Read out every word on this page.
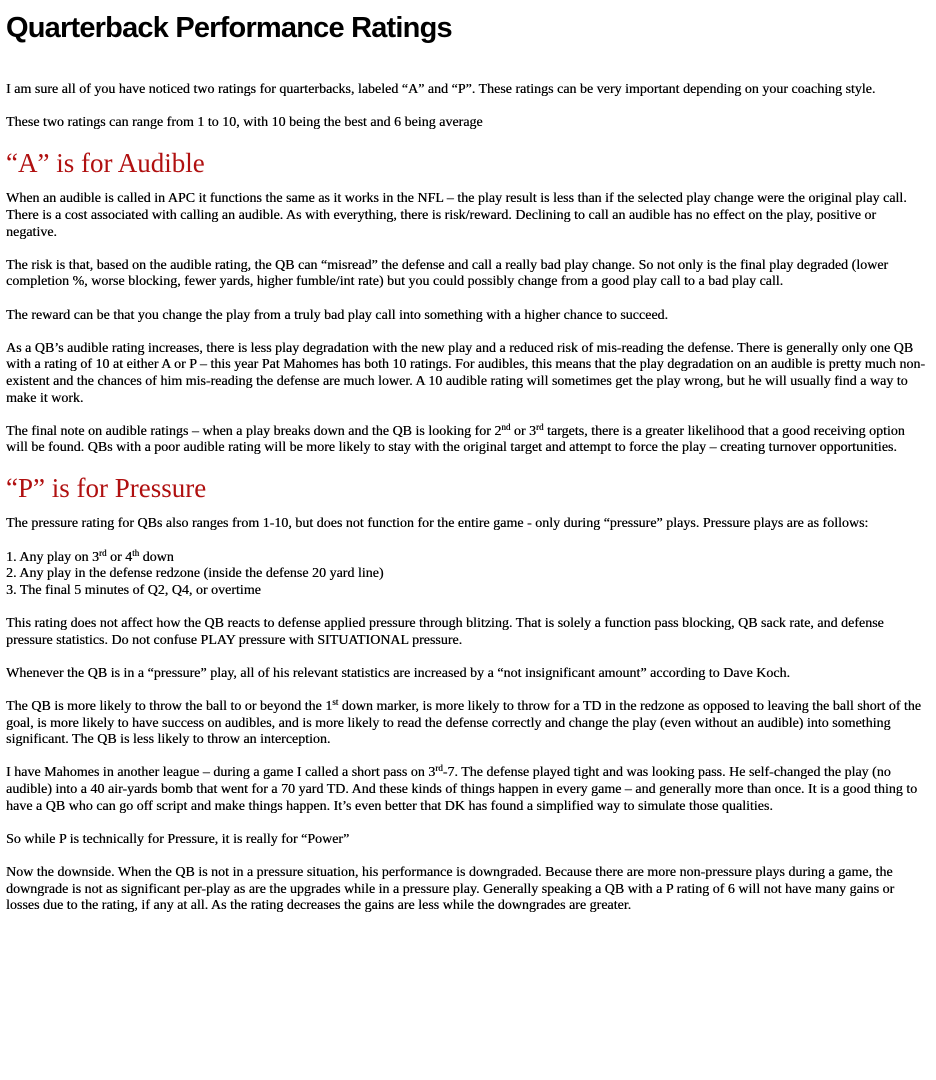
Quarterback Performance Ratings

I am sure all of you have noticed two ratings for quarterbacks, labeled “A” and “P”. These ratings can be very important depending on your coaching style.

These two ratings can range from 1 to 10, with 10 being the best and 6 being average

“A” is for Audible

When an audible is called in APC it functions the same as it works in the NFL – the play result is less than if the selected play change were the original play call. There is a cost associated with calling an audible. As with everything, there is risk/reward. Declining to call an audible has no effect on the play, positive or negative.

The risk is that, based on the audible rating, the QB can “misread” the defense and call a really bad play change. So not only is the final play degraded (lower completion %, worse blocking, fewer yards, higher fumble/int rate) but you could possibly change from a good play call to a bad play call.

The reward can be that you change the play from a truly bad play call into something with a higher chance to succeed.

As a QB’s audible rating increases, there is less play degradation with the new play and a reduced risk of mis-reading the defense. There is generally only one QB with a rating of 10 at either A or P – this year Pat Mahomes has both 10 ratings. For audibles, this means that the play degradation on an audible is pretty much non-existent and the chances of him mis-reading the defense are much lower. A 10 audible rating will sometimes get the play wrong, but he will usually find a way to make it work.

The final note on audible ratings – when a play breaks down and the QB is looking for 2nd or 3rd targets, there is a greater likelihood that a good receiving option will be found. QBs with a poor audible rating will be more likely to stay with the original target and attempt to force the play – creating turnover opportunities.

“P” is for Pressure

The pressure rating for QBs also ranges from 1-10, but does not function for the entire game - only during “pressure” plays. Pressure plays are as follows:

1. Any play on 3rd or 4th down
2. Any play in the defense redzone (inside the defense 20 yard line)
3. The final 5 minutes of Q2, Q4, or overtime

This rating does not affect how the QB reacts to defense applied pressure through blitzing. That is solely a function pass blocking, QB sack rate, and defense pressure statistics. Do not confuse PLAY pressure with SITUATIONAL pressure.

Whenever the QB is in a “pressure” play, all of his relevant statistics are increased by a “not insignificant amount” according to Dave Koch.

The QB is more likely to throw the ball to or beyond the 1st down marker, is more likely to throw for a TD in the redzone as opposed to leaving the ball short of the goal, is more likely to have success on audibles, and is more likely to read the defense correctly and change the play (even without an audible) into something significant. The QB is less likely to throw an interception.

I have Mahomes in another league – during a game I called a short pass on 3rd-7. The defense played tight and was looking pass. He self-changed the play (no audible) into a 40 air-yards bomb that went for a 70 yard TD. And these kinds of things happen in every game – and generally more than once. It is a good thing to have a QB who can go off script and make things happen. It’s even better that DK has found a simplified way to simulate those qualities.

So while P is technically for Pressure, it is really for “Power”

Now the downside. When the QB is not in a pressure situation, his performance is downgraded. Because there are more non-pressure plays during a game, the downgrade is not as significant per-play as are the upgrades while in a pressure play. Generally speaking a QB with a P rating of 6 will not have many gains or losses due to the rating, if any at all. As the rating decreases the gains are less while the downgrades are greater.
